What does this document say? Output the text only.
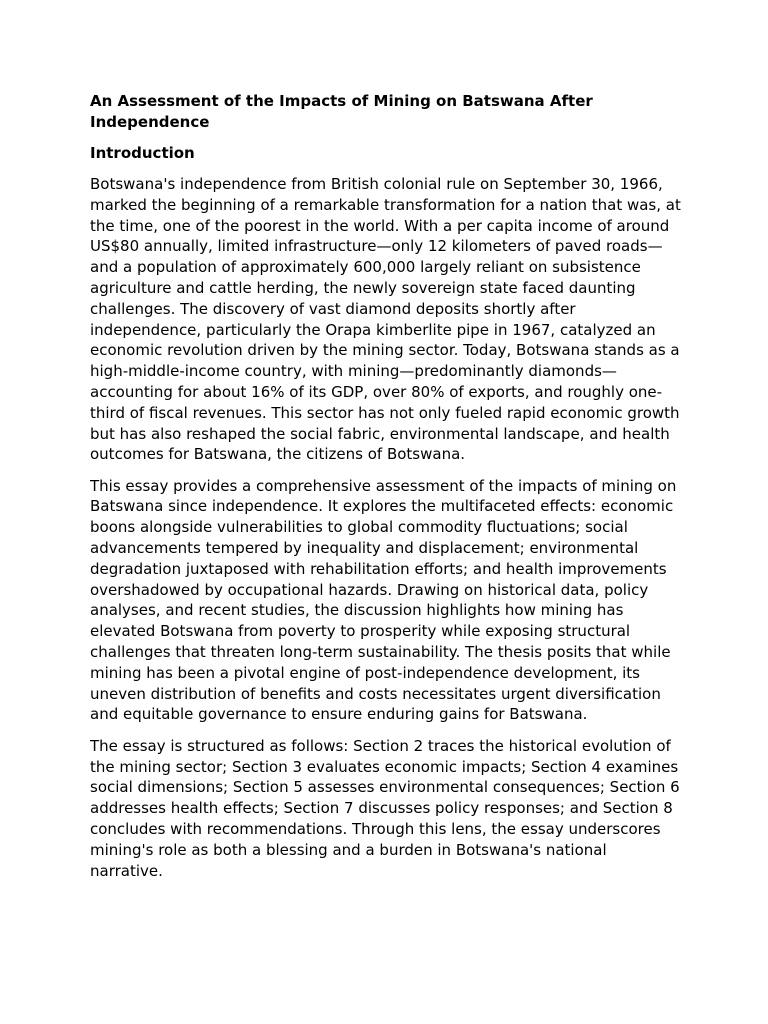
An Assessment of the Impacts of Mining on Batswana After Independence
Introduction

Botswana's independence from British colonial rule on September 30, 1966, marked the beginning of a remarkable transformation for a nation that was, at the time, one of the poorest in the world. With a per capita income of around US$80 annually, limited infrastructure—only 12 kilometers of paved roads—and a population of approximately 600,000 largely reliant on subsistence agriculture and cattle herding, the newly sovereign state faced daunting challenges. The discovery of vast diamond deposits shortly after independence, particularly the Orapa kimberlite pipe in 1967, catalyzed an economic revolution driven by the mining sector. Today, Botswana stands as a high-middle-income country, with mining—predominantly diamonds—accounting for about 16% of its GDP, over 80% of exports, and roughly one-third of fiscal revenues. This sector has not only fueled rapid economic growth but has also reshaped the social fabric, environmental landscape, and health outcomes for Batswana, the citizens of Botswana.

This essay provides a comprehensive assessment of the impacts of mining on Batswana since independence. It explores the multifaceted effects: economic boons alongside vulnerabilities to global commodity fluctuations; social advancements tempered by inequality and displacement; environmental degradation juxtaposed with rehabilitation efforts; and health improvements overshadowed by occupational hazards. Drawing on historical data, policy analyses, and recent studies, the discussion highlights how mining has elevated Botswana from poverty to prosperity while exposing structural challenges that threaten long-term sustainability. The thesis posits that while mining has been a pivotal engine of post-independence development, its uneven distribution of benefits and costs necessitates urgent diversification and equitable governance to ensure enduring gains for Batswana.

The essay is structured as follows: Section 2 traces the historical evolution of the mining sector; Section 3 evaluates economic impacts; Section 4 examines social dimensions; Section 5 assesses environmental consequences; Section 6 addresses health effects; Section 7 discusses policy responses; and Section 8 concludes with recommendations. Through this lens, the essay underscores mining's role as both a blessing and a burden in Botswana's national narrative.
